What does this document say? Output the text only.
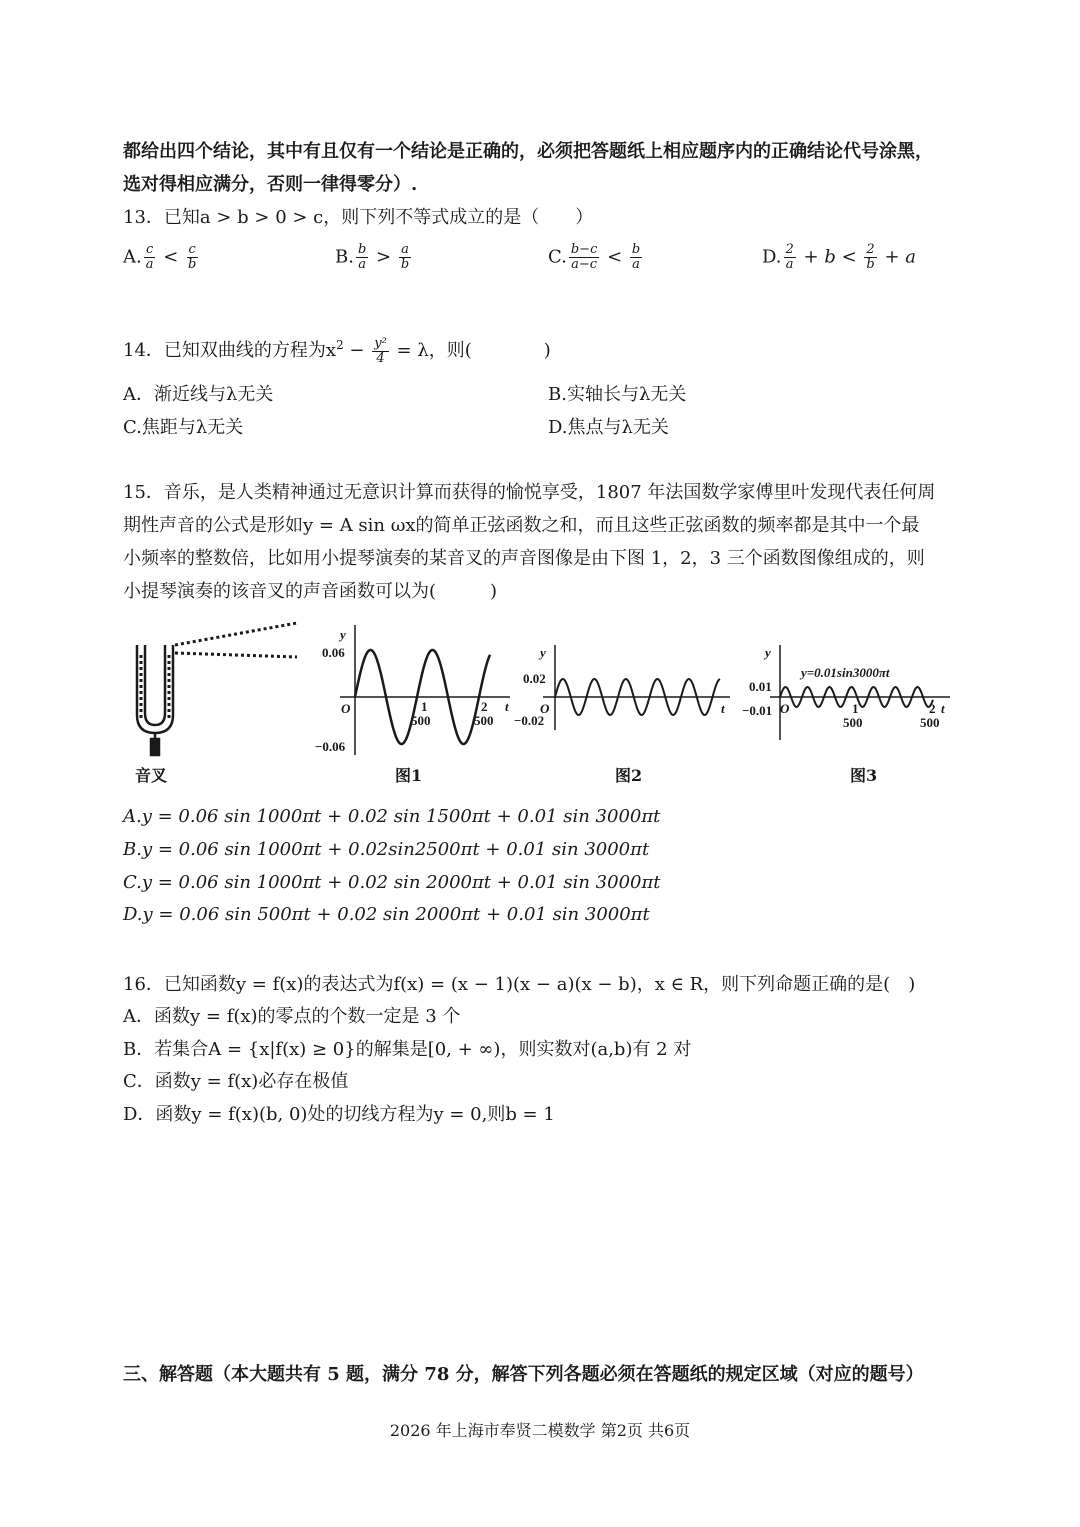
都给出四个结论，其中有且仅有一个结论是正确的，必须把答题纸上相应题序内的正确结论代号涂黑，
选对得相应满分，否则一律得零分）.
13．已知a > b > 0 > c，则下列不等式成立的是（　　）
A. $\frac{c}{a} < \frac{c}{b}$	B. $\frac{b}{a} > \frac{a}{b}$	C. $\frac{b-c}{a-c} < \frac{b}{a}$	D. $\frac{2}{a} + b < \frac{2}{b} + a$
14．已知双曲线的方程为$x^2 - \frac{\text{y²}}{4} = \lambda$，则(　　　　)
A．渐近线与λ无关	B.实轴长与λ无关
C.焦距与λ无关	D.焦点与λ无关
15．音乐，是人类精神通过无意识计算而获得的愉悦享受，1807 年法国数学家傅里叶发现代表任何周
期性声音的公式是形如y = A sin ωx的简单正弦函数之和，而且这些正弦函数的频率都是其中一个最
小频率的整数倍，比如用小提琴演奏的某音叉的声音图像是由下图 1，2，3 三个函数图像组成的，则
小提琴演奏的该音叉的声音函数可以为(　　　)
y
0.06
−0.06
O	t
1
500
2
500
y
0.02
−0.02
O	t
y
0.01
−0.01 O	t
y=0.01sin3000πt
1
500
2
500
音叉	图1	图2	图3
A.y = 0.06 sin 1000πt + 0.02 sin 1500πt + 0.01 sin 3000πt
B.y = 0.06 sin 1000πt + 0.02sin2500πt + 0.01 sin 3000πt
C.y = 0.06 sin 1000πt + 0.02 sin 2000πt + 0.01 sin 3000πt
D.y = 0.06 sin 500πt + 0.02 sin 2000πt + 0.01 sin 3000πt
16．已知函数y = f(x)的表达式为f(x) = (x − 1)(x − a)(x − b)，x ∈ R，则下列命题正确的是(　)
A．函数y = f(x)的零点的个数一定是 3 个
B．若集合A = {x|f(x) ≥ 0}的解集是[0, + ∞)，则实数对(a,b)有 2 对
C．函数y = f(x)必存在极值
D．函数y = f(x)(b, 0)处的切线方程为y = 0,则b = 1
三、解答题（本大题共有 5 题，满分 78 分，解答下列各题必须在答题纸的规定区域（对应的题号）
2026 年上海市奉贤二模数学 第2页 共6页
